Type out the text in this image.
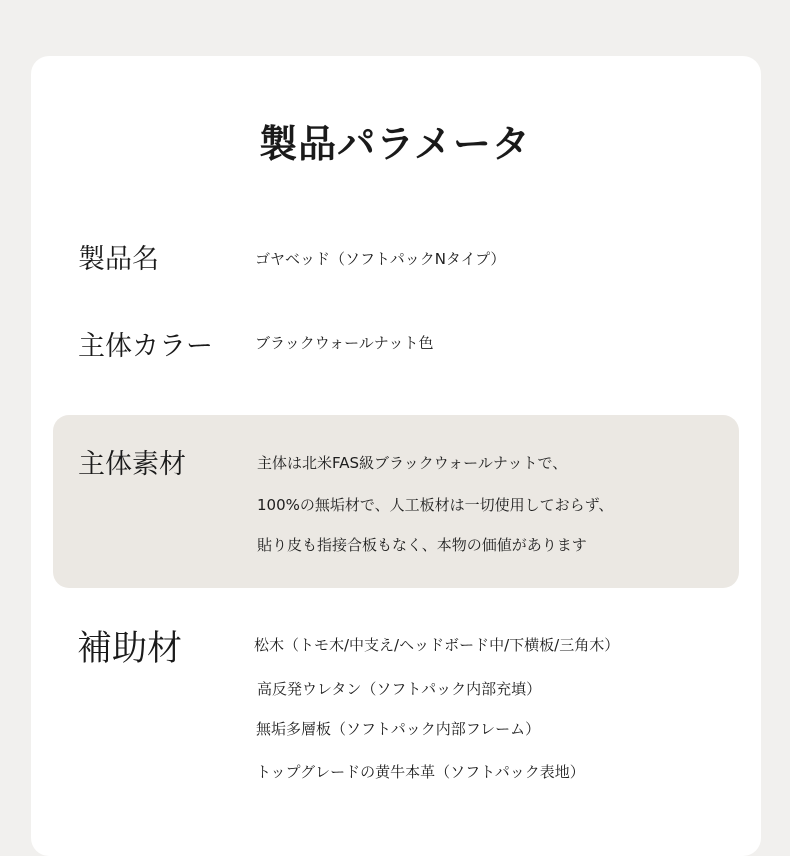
製品パラメータ
製品名	ゴヤベッド（ソフトパックNタイプ）
主体カラー	ブラックウォールナット色
主体素材	主体は北米FAS級ブラックウォールナットで、
100%の無垢材で、人工板材は一切使用しておらず、
貼り皮も指接合板もなく、本物の価値があります
補助材	松木（トモ木/中支え/ヘッドボード中/下横板/三角木）
高反発ウレタン（ソフトパック内部充填）
無垢多層板（ソフトパック内部フレーム）
トップグレードの黄牛本革（ソフトパック表地）
